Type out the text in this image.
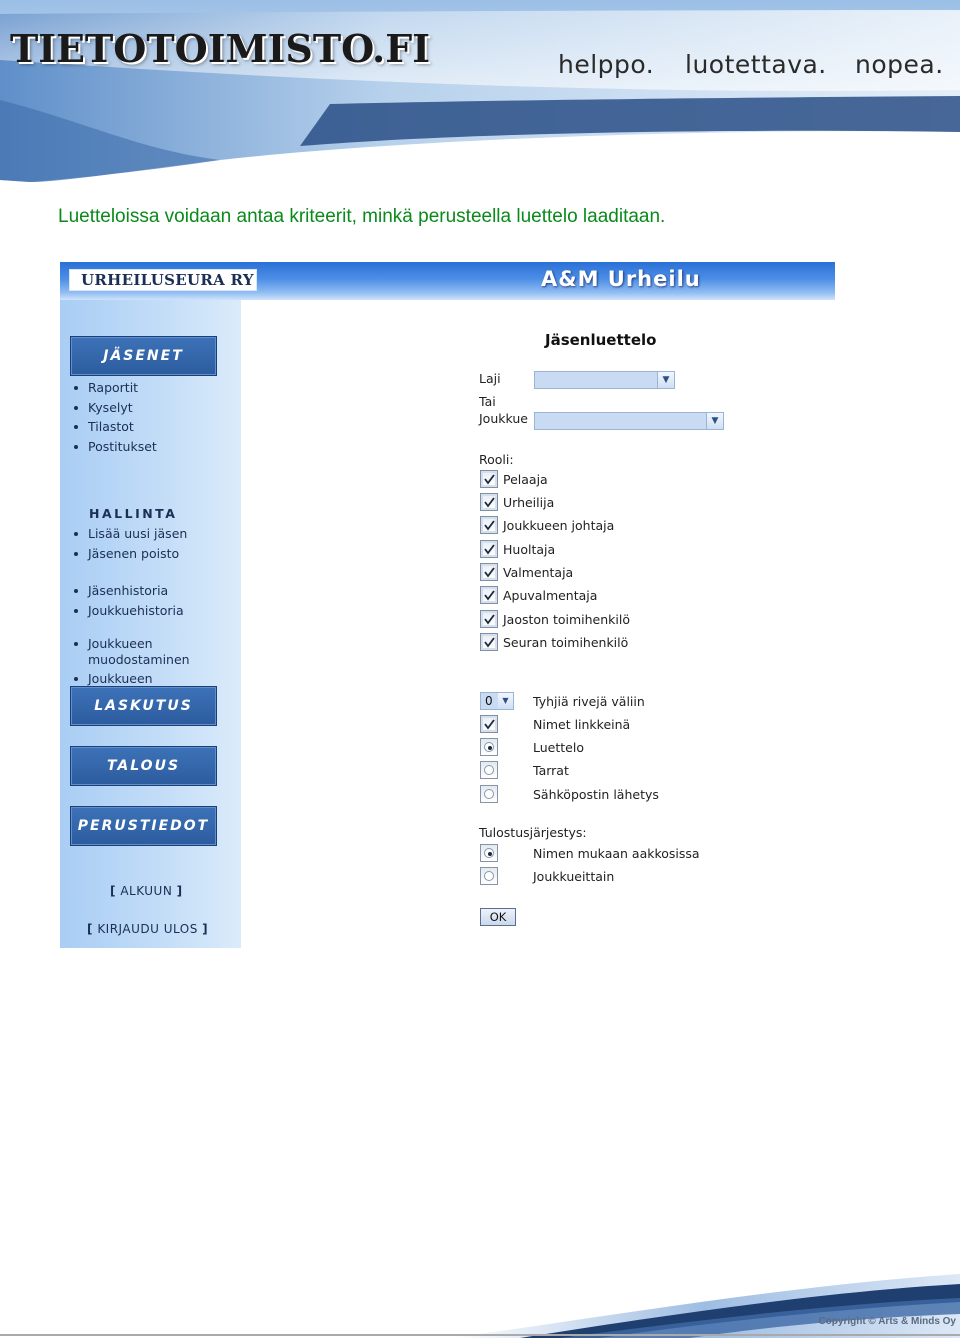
TIETOTOIMISTO.FI	helppo. luotettava. nopea.
Luetteloissa voidaan antaa kriteerit, minkä perusteella luettelo laaditaan.
URHEILUSEURA RY	A&M Urheilu
JÄSENET
Raportit
Kyselyt
Tilastot
Postitukset
HALLINTA
Lisää uusi jäsen
Jäsenen poisto
Jäsenhistoria
Joukkuehistoria
Joukkueen muodostaminen
Joukkueen
LASKUTUS
TALOUS
PERUSTIEDOT
[ ALKUUN ]
[ KIRJAUDU ULOS ]
Jäsenluettelo
Laji	▼
Tai
Joukkue	▼
Rooli:
Pelaaja
Urheilija
Joukkueen johtaja
Huoltaja
Valmentaja
Apuvalmentaja
Jaoston toimihenkilö
Seuran toimihenkilö
0	▼	Tyhjiä rivejä väliin
Nimet linkkeinä
Luettelo
Tarrat
Sähköpostin lähetys
Tulostusjärjestys:
Nimen mukaan aakkosissa
Joukkueittain
OK
Copyright © Arts & Minds Oy
